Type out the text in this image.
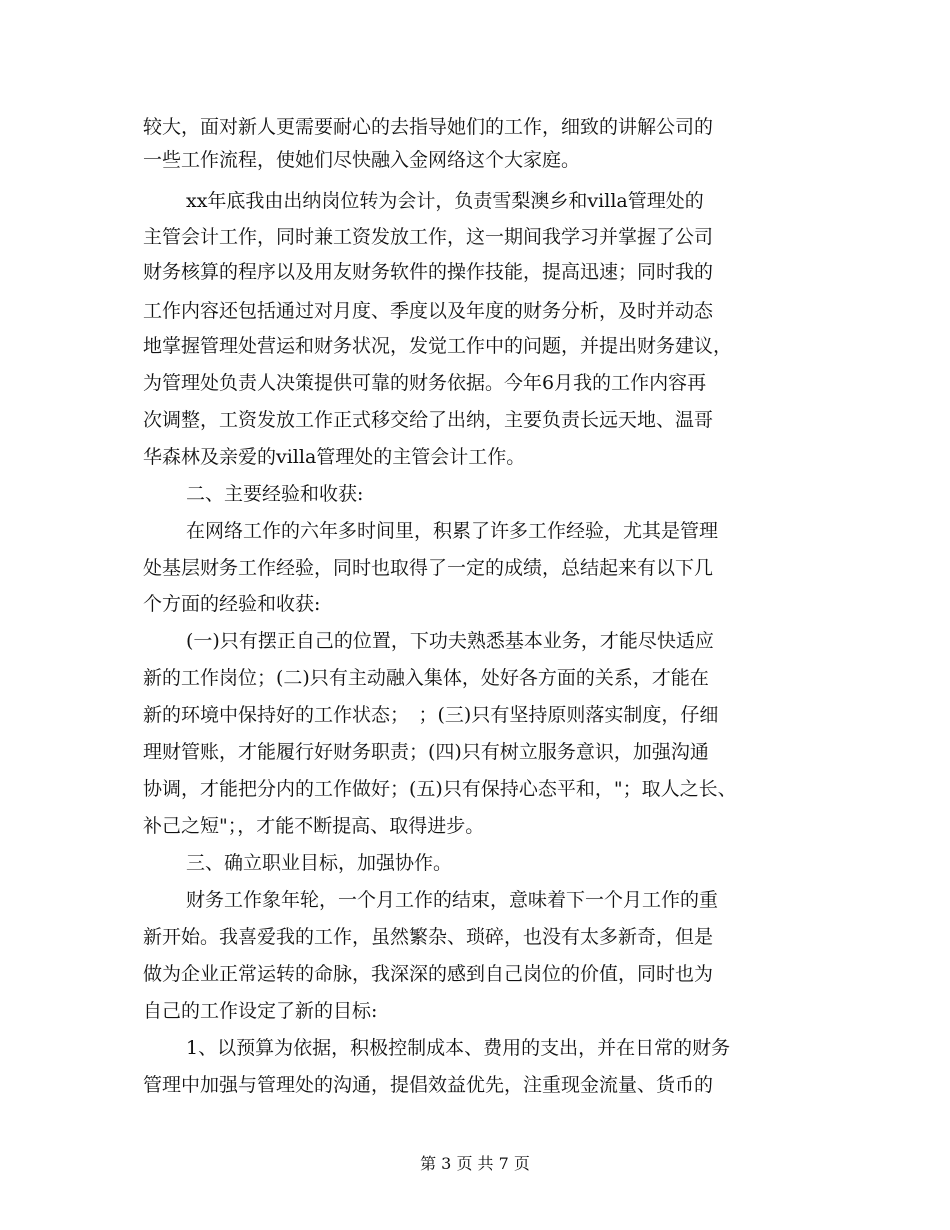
较大，面对新人更需要耐心的去指导她们的工作，细致的讲解公司的
一些工作流程，使她们尽快融入金网络这个大家庭。
xx年底我由出纳岗位转为会计，负责雪梨澳乡和villa管理处的
主管会计工作，同时兼工资发放工作，这一期间我学习并掌握了公司
财务核算的程序以及用友财务软件的操作技能，提高迅速；同时我的
工作内容还包括通过对月度、季度以及年度的财务分析，及时并动态
地掌握管理处营运和财务状况，发觉工作中的问题，并提出财务建议，
为管理处负责人决策提供可靠的财务依据。今年6月我的工作内容再
次调整，工资发放工作正式移交给了出纳，主要负责长远天地、温哥
华森林及亲爱的villa管理处的主管会计工作。
二、主要经验和收获:
在网络工作的六年多时间里，积累了许多工作经验，尤其是管理
处基层财务工作经验，同时也取得了一定的成绩，总结起来有以下几
个方面的经验和收获:
(一)只有摆正自己的位置，下功夫熟悉基本业务，才能尽快适应
新的工作岗位；(二)只有主动融入集体，处好各方面的关系，才能在
新的环境中保持好的工作状态；　；(三)只有坚持原则落实制度，仔细
理财管账，才能履行好财务职责；(四)只有树立服务意识，加强沟通
协调，才能把分内的工作做好；(五)只有保持心态平和，"；取人之长、
补己之短"；，才能不断提高、取得进步。
三、确立职业目标，加强协作。
财务工作象年轮，一个月工作的结束，意味着下一个月工作的重
新开始。我喜爱我的工作，虽然繁杂、琐碎，也没有太多新奇，但是
做为企业正常运转的命脉，我深深的感到自己岗位的价值，同时也为
自己的工作设定了新的目标:
1、以预算为依据，积极控制成本、费用的支出，并在日常的财务
管理中加强与管理处的沟通，提倡效益优先，注重现金流量、货币的
第 3 页 共 7 页
